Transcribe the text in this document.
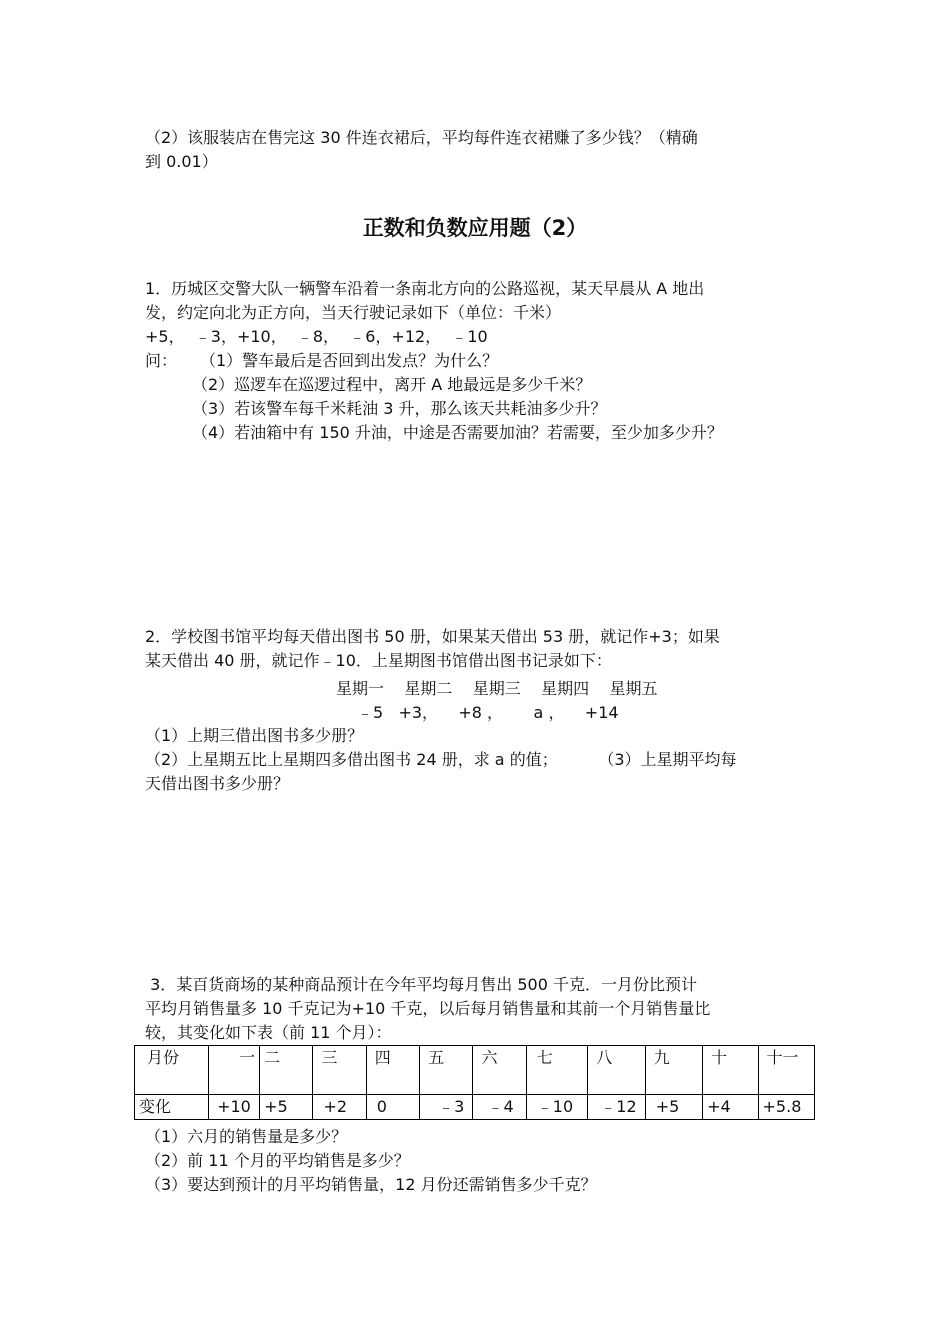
（2）该服装店在售完这 30 件连衣裙后，平均每件连衣裙赚了多少钱？（精确

到 0.01）

正数和负数应用题（2）

1．历城区交警大队一辆警车沿着一条南北方向的公路巡视，某天早晨从 A 地出

发，约定向北为正方向，当天行驶记录如下（单位：千米）

+5，  ﹣3，+10，  ﹣8，  ﹣6，+12，  ﹣10

问：	（1）警车最后是否回到出发点？为什么？
（2）巡逻车在巡逻过程中，离开 A 地最远是多少千米？
（3）若该警车每千米耗油 3 升，那么该天共耗油多少升？
（4）若油箱中有 150 升油，中途是否需要加油？若需要，至少加多少升？

2．学校图书馆平均每天借出图书 50 册，如果某天借出 53 册，就记作+3；如果

某天借出 40 册，就记作﹣10．上星期图书馆借出图书记录如下：

星期一 星期二 星期三 星期四 星期五
﹣5   +3，    +8 ，      a ，    +14

（1）上期三借出图书多少册？

（2）上星期五比上星期四多借出图书 24 册，求 a 的值；        （3）上星期平均每

天借出图书多少册？

3．某百货商场的某种商品预计在今年平均每月售出 500 千克．一月份比预计

平均月销售量多 10 千克记为+10 千克，以后每月销售量和其前一个月销售量比

较，其变化如下表（前 11 个月）：

月份	一	二	三	四	五	六	七	八	九	十	十一
变化	+10	+5	+2	0	﹣3	﹣4	﹣10	﹣12	+5	+4	+5.8

（1）六月的销售量是多少？

（2）前 11 个月的平均销售是多少？

（3）要达到预计的月平均销售量，12 月份还需销售多少千克？
